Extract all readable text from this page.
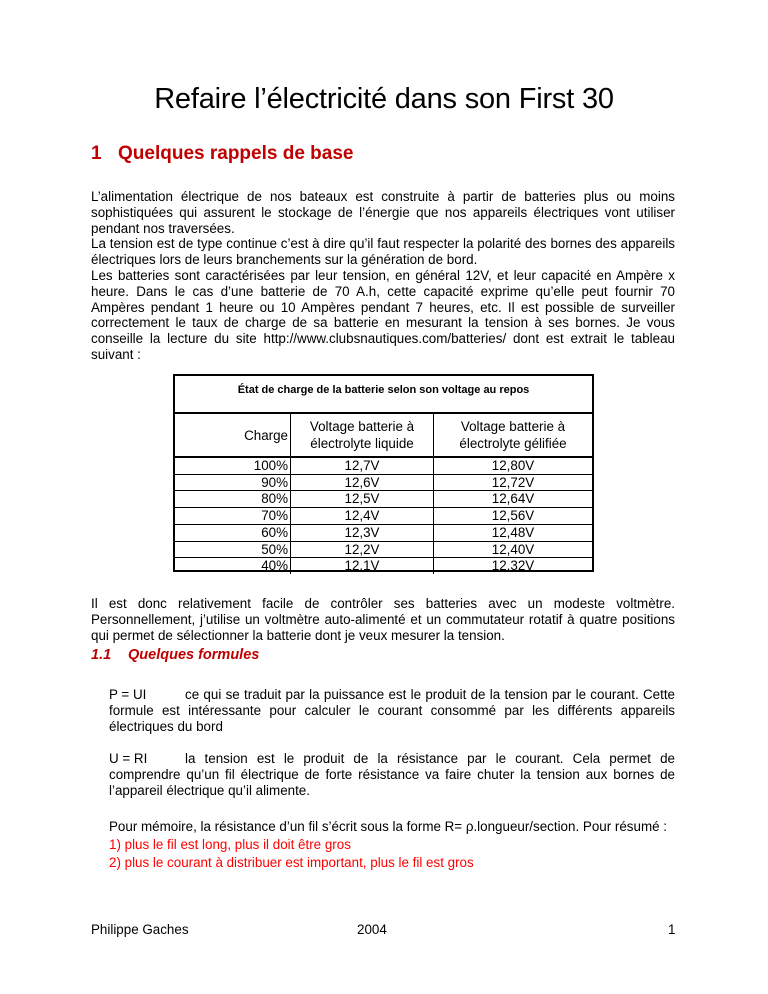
Refaire l’électricité dans son First 30
1 Quelques rappels de base

L’alimentation électrique de nos bateaux est construite à partir de batteries plus ou moins sophistiquées qui assurent le stockage de l’énergie que nos appareils électriques vont utiliser pendant nos traversées.

La tension est de type continue c’est à dire qu’il faut respecter la polarité des bornes des appareils électriques lors de leurs branchements sur la génération de bord.

Les batteries sont caractérisées par leur tension, en général 12V, et leur capacité en Ampère x heure. Dans le cas d’une batterie de 70 A.h, cette capacité exprime qu’elle peut fournir 70 Ampères pendant 1 heure ou 10 Ampères pendant 7 heures, etc. Il est possible de surveiller correctement le taux de charge de sa batterie en mesurant la tension à ses bornes. Je vous conseille la lecture du site http://www.clubsnautiques.com/batteries/ dont est extrait le tableau suivant :

État de charge de la batterie selon son voltage au repos
Charge	Voltage batterie à électrolyte liquide	Voltage batterie à électrolyte gélifiée
100%	12,7V	12,80V
90%	12,6V	12,72V
80%	12,5V	12,64V
70%	12,4V	12,56V
60%	12,3V	12,48V
50%	12,2V	12,40V
40%	12,1V	12,32V

Il est donc relativement facile de contrôler ses batteries avec un modeste voltmètre. Personnellement, j’utilise un voltmètre auto-alimenté et un commutateur rotatif à quatre positions qui permet de sélectionner la batterie dont je veux mesurer la tension.

1.1 Quelques formules
P = UI	ce qui se traduit par la puissance est le produit de la tension par le courant. Cette formule est intéressante pour calculer le courant consommé par les différents appareils électriques du bord
U = RI	la tension est le produit de la résistance par le courant. Cela permet de comprendre qu’un fil électrique de forte résistance va faire chuter la tension aux bornes de l’appareil électrique qu’il alimente.

Pour mémoire, la résistance d’un fil s’écrit sous la forme R= ρ.longueur/section. Pour résumé :

1) plus le fil est long, plus il doit être gros

2) plus le courant à distribuer est important, plus le fil est gros

Philippe Gaches	2004	1
